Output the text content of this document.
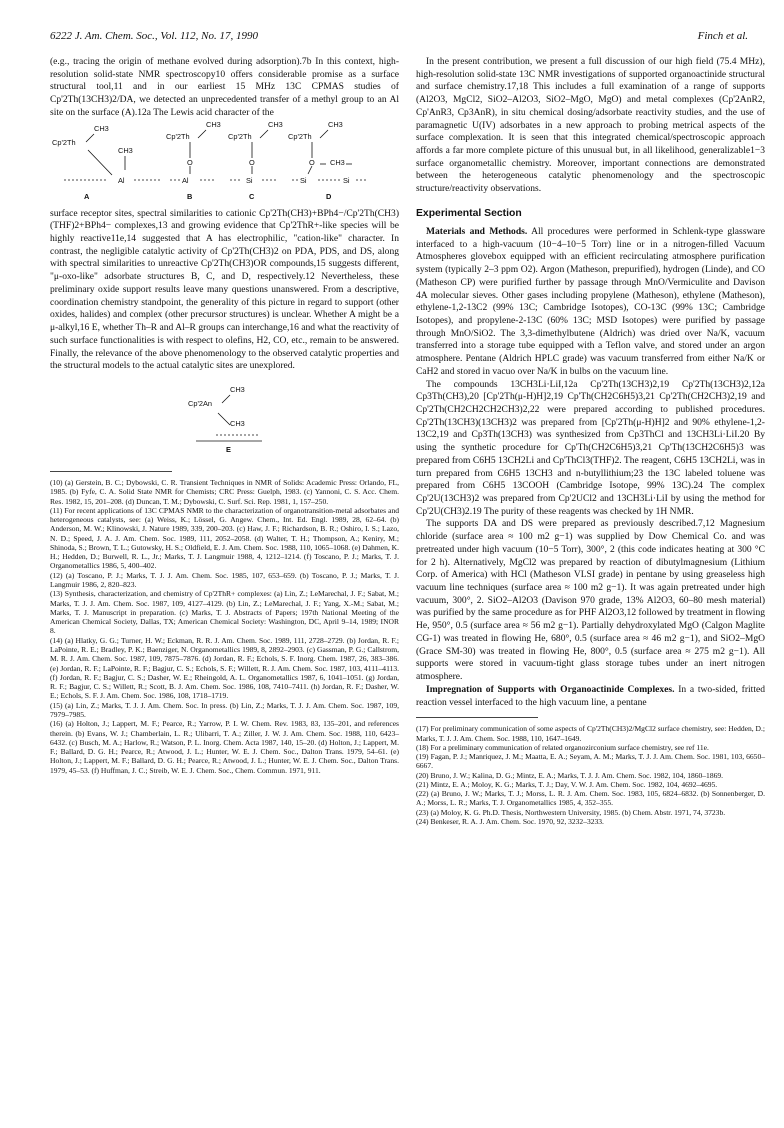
6222 J. Am. Chem. Soc., Vol. 112, No. 17, 1990	Finch et al.

(e.g., tracing the origin of methane evolved during adsorption).7b In this context, high-resolution solid-state NMR spectroscopy10 offers considerable promise as a surface structural tool,11 and in our earliest 15 MHz 13C CPMAS studies of Cp'2Th(13CH3)2/DA, we detected an unprecedented transfer of a methyl group to an Al site on the surface (A).12a The Lewis acid character of the

CH3
Cp'2Th
CH3
Al
A
CH3
Cp'2Th
O
Al
B
CH3
Cp'2Th
O
Si
C
CH3
Cp'2Th
O CH3
Si	Si
D

surface receptor sites, spectral similarities to cationic Cp'2Th(CH3)+BPh4−/Cp'2Th(CH3)(THF)2+BPh4− complexes,13 and growing evidence that Cp'2ThR+-like species will be highly reactive11e,14 suggested that A has electrophilic, "cation-like" character. In contrast, the negligible catalytic activity of Cp'2Th(CH3)2 on PDA, PDS, and DS, along with spectral similarities to unreactive Cp'2Th(CH3)OR compounds,15 suggests different, "μ-oxo-like" adsorbate structures B, C, and D, respectively.12 Nevertheless, these preliminary oxide support results leave many questions unanswered. From a descriptive, coordination chemistry standpoint, the generality of this picture in regard to support (other oxides, halides) and complex (other precursor structures) is unclear. Whether A might be a μ-alkyl,16 E, whether Th–R and Al–R groups can interchange,16 and what the reactivity of such surface functionalities is with respect to olefins, H2, CO, etc., remain to be answered. Finally, the relevance of the above phenomenology to the observed catalytic properties and the structural models to the actual catalytic sites are unexplored.

CH3
Cp'2An
CH3
E

(10) (a) Gerstein, B. C.; Dybowski, C. R. Transient Techniques in NMR of Solids: Academic Press: Orlando, FL, 1985. (b) Fyfe, C. A. Solid State NMR for Chemists; CRC Press: Guelph, 1983. (c) Yannoni, C. S. Acc. Chem. Res. 1982, 15, 201–208. (d) Duncan, T. M.; Dybowski, C. Surf. Sci. Rep. 1981, 1, 157–250.

(11) For recent applications of 13C CPMAS NMR to the characterization of organotransition-metal adsorbates and heterogeneous catalysts, see: (a) Weiss, K.; Lössel, G. Angew. Chem., Int. Ed. Engl. 1989, 28, 62–64. (b) Anderson, M. W.; Klinowski, J. Nature 1989, 339, 200–203. (c) Haw, J. F.; Richardson, B. R.; Oshiro, I. S.; Lazo, N. D.; Speed, J. A. J. Am. Chem. Soc. 1989, 111, 2052–2058. (d) Walter, T. H.; Thompson, A.; Keniry, M.; Shinoda, S.; Brown, T. L.; Gutowsky, H. S.; Oldfield, E. J. Am. Chem. Soc. 1988, 110, 1065–1068. (e) Dahmen, K. H.; Hedden, D.; Burwell, R. L., Jr.; Marks, T. J. Langmuir 1988, 4, 1212–1214. (f) Toscano, P. J.; Marks, T. J. Organometallics 1986, 5, 400–402.

(12) (a) Toscano, P. J.; Marks, T. J. J. Am. Chem. Soc. 1985, 107, 653–659. (b) Toscano, P. J.; Marks, T. J. Langmuir 1986, 2, 820–823.

(13) Synthesis, characterization, and chemistry of Cp'2ThR+ complexes: (a) Lin, Z.; LeMarechal, J. F.; Sabat, M.; Marks, T. J. J. Am. Chem. Soc. 1987, 109, 4127–4129. (b) Lin, Z.; LeMarechal, J. F.; Yang, X.-M.; Sabat, M.; Marks, T. J. Manuscript in preparation. (c) Marks, T. J. Abstracts of Papers; 197th National Meeting of the American Chemical Society, Dallas, TX; American Chemical Society: Washington, DC, April 9–14, 1989; INOR 8.

(14) (a) Hlatky, G. G.; Turner, H. W.; Eckman, R. R. J. Am. Chem. Soc. 1989, 111, 2728–2729. (b) Jordan, R. F.; LaPointe, R. E.; Bradley, P. K.; Baenziger, N. Organometallics 1989, 8, 2892–2903. (c) Gassman, P. G.; Callstrom, M. R. J. Am. Chem. Soc. 1987, 109, 7875–7876. (d) Jordan, R. F.; Echols, S. F. Inorg. Chem. 1987, 26, 383–386. (e) Jordan, R. F.; LaPointe, R. F.; Bagjur, C. S.; Echols, S. F.; Willett, R. J. Am. Chem. Soc. 1987, 103, 4111–4113. (f) Jordan, R. F.; Bagjur, C. S.; Dasher, W. E.; Rheingold, A. L. Organometallics 1987, 6, 1041–1051. (g) Jordan, R. F.; Bagjur, C. S.; Willett, R.; Scott, B. J. Am. Chem. Soc. 1986, 108, 7410–7411. (h) Jordan, R. F.; Dasher, W. E.; Echols, S. F. J. Am. Chem. Soc. 1986, 108, 1718–1719.

(15) (a) Lin, Z.; Marks, T. J. J. Am. Chem. Soc. In press. (b) Lin, Z.; Marks, T. J. J. Am. Chem. Soc. 1987, 109, 7979–7985.

(16) (a) Holton, J.; Lappert, M. F.; Pearce, R.; Yarrow, P. I. W. Chem. Rev. 1983, 83, 135–201, and references therein. (b) Evans, W. J.; Chamberlain, L. R.; Ulibarri, T. A.; Ziller, J. W. J. Am. Chem. Soc. 1988, 110, 6423–6432. (c) Busch, M. A.; Harlow, R.; Watson, P. L. Inorg. Chem. Acta 1987, 140, 15–20. (d) Holton, J.; Lappert, M. F.; Ballard, D. G. H.; Pearce, R.; Atwood, J. L.; Hunter, W. E. J. Chem. Soc., Dalton Trans. 1979, 54–61. (e) Holton, J.; Lappert, M. F.; Ballard, D. G. H.; Pearce, R.; Atwood, J. L.; Hunter, W. E. J. Chem. Soc., Dalton Trans. 1979, 45–53. (f) Huffman, J. C.; Streib, W. E. J. Chem. Soc., Chem. Commun. 1971, 911.

In the present contribution, we present a full discussion of our high field (75.4 MHz), high-resolution solid-state 13C NMR investigations of supported organoactinide structural and surface chemistry.17,18 This includes a full examination of a range of supports (Al2O3, MgCl2, SiO2–Al2O3, SiO2–MgO, MgO) and metal complexes (Cp'2AnR2, Cp'AnR3, Cp3AnR), in situ chemical dosing/adsorbate reactivity studies, and the use of paramagnetic U(IV) adsorbates in a new approach to probing metrical aspects of the surface complexation. It is seen that this integrated chemical/spectroscopic approach affords a far more complete picture of this unusual but, in all likelihood, generalizable1−3 surface organometallic chemistry. Moreover, important connections are demonstrated between the heterogeneous catalytic phenomenology and the spectroscopic structure/reactivity observations.

Experimental Section

Materials and Methods. All procedures were performed in Schlenk-type glassware interfaced to a high-vacuum (10−4–10−5 Torr) line or in a nitrogen-filled Vacuum Atmospheres glovebox equipped with an efficient recirculating atmosphere purification system (typically 2–3 ppm O2). Argon (Matheson, prepurified), hydrogen (Linde), and CO (Matheson CP) were purified further by passage through MnO/Vermiculite and Davison 4A molecular sieves. Other gases including propylene (Matheson), ethylene (Matheson), ethylene-1,2-13C2 (99% 13C; Cambridge Isotopes), CO-13C (99% 13C; Cambridge Isotopes), and propylene-2-13C (60% 13C; MSD Isotopes) were purified by passage through MnO/SiO2. The 3,3-dimethylbutene (Aldrich) was dried over Na/K, vacuum transferred into a storage tube equipped with a Teflon valve, and stored under an argon atmosphere. Pentane (Aldrich HPLC grade) was vacuum transferred from either Na/K or CaH2 and stored in vacuo over Na/K in bulbs on the vacuum line.

The compounds 13CH3Li·LiI,12a Cp'2Th(13CH3)2,19 Cp'2Th(13CH3)2,12a Cp3Th(CH3),20 [Cp'2Th(μ-H)H]2,19 Cp'Th(CH2C6H5)3,21 Cp'2Th(CH2CH3)2,19 and Cp'2Th(CH2CH2CH2CH3)2,22 were prepared according to published procedures. Cp'2Th(13CH3)(13CH3)2 was prepared from [Cp'2Th(μ-H)H]2 and 90% ethylene-1,2-13C2,19 and Cp3Th(13CH3) was synthesized from Cp3ThCl and 13CH3Li·LiI.20 By using the synthetic procedure for Cp'Th(CH2C6H5)3,21 Cp'Th(13CH2C6H5)3 was prepared from C6H5 13CH2Li and Cp'ThCl3(THF)2. The reagent, C6H5 13CH2Li, was in turn prepared from C6H5 13CH3 and n-butyllithium;23 the 13C labeled toluene was prepared from C6H5 13COOH (Cambridge Isotope, 99% 13C).24 The complex Cp'2U(13CH3)2 was prepared from Cp'2UCl2 and 13CH3Li·LiI by using the method for Cp'2U(CH3)2.19 The purity of these reagents was checked by 1H NMR.

The supports DA and DS were prepared as previously described.7,12 Magnesium chloride (surface area ≈ 100 m2 g−1) was supplied by Dow Chemical Co. and was pretreated under high vacuum (10−5 Torr), 300°, 2 (this code indicates heating at 300 °C for 2 h). Alternatively, MgCl2 was prepared by reaction of dibutylmagnesium (Lithium Corp. of America) with HCl (Matheson VLSI grade) in pentane by using greaseless high vacuum line techniques (surface area ≈ 100 m2 g−1). It was again pretreated under high vacuum, 300°, 2. SiO2–Al2O3 (Davison 970 grade, 13% Al2O3, 60–80 mesh material) was purified by the same procedure as for PHF Al2O3,12 followed by treatment in flowing He, 950°, 0.5 (surface area ≈ 56 m2 g−1). Partially dehydroxylated MgO (Calgon Maglite CG-1) was treated in flowing He, 680°, 0.5 (surface area ≈ 46 m2 g−1), and SiO2–MgO (Grace SM-30) was treated in flowing He, 800°, 0.5 (surface area ≈ 275 m2 g−1). All supports were stored in vacuum-tight glass storage tubes under an inert nitrogen atmosphere.

Impregnation of Supports with Organoactinide Complexes. In a two-sided, fritted reaction vessel interfaced to the high vacuum line, a pentane

(17) For preliminary communication of some aspects of Cp'2Th(CH3)2/MgCl2 surface chemistry, see: Hedden, D.; Marks, T. J. J. Am. Chem. Soc. 1988, 110, 1647–1649.

(18) For a preliminary communication of related organozirconium surface chemistry, see ref 11e.

(19) Fagan, P. J.; Manriquez, J. M.; Maatta, E. A.; Seyam, A. M.; Marks, T. J. J. Am. Chem. Soc. 1981, 103, 6650–6667.

(20) Bruno, J. W.; Kalina, D. G.; Mintz, E. A.; Marks, T. J. J. Am. Chem. Soc. 1982, 104, 1860–1869.

(21) Mintz, E. A.; Moloy, K. G.; Marks, T. J.; Day, V. W. J. Am. Chem. Soc. 1982, 104, 4692–4695.

(22) (a) Bruno, J. W.; Marks, T. J.; Morss, L. R. J. Am. Chem. Soc. 1983, 105, 6824–6832. (b) Sonnenberger, D. A.; Morss, L. R.; Marks, T. J. Organometallics 1985, 4, 352–355.

(23) (a) Moloy, K. G. Ph.D. Thesis, Northwestern University, 1985. (b) Chem. Abstr. 1971, 74, 3723b.

(24) Benkeser, R. A. J. Am. Chem. Soc. 1970, 92, 3232–3233.
